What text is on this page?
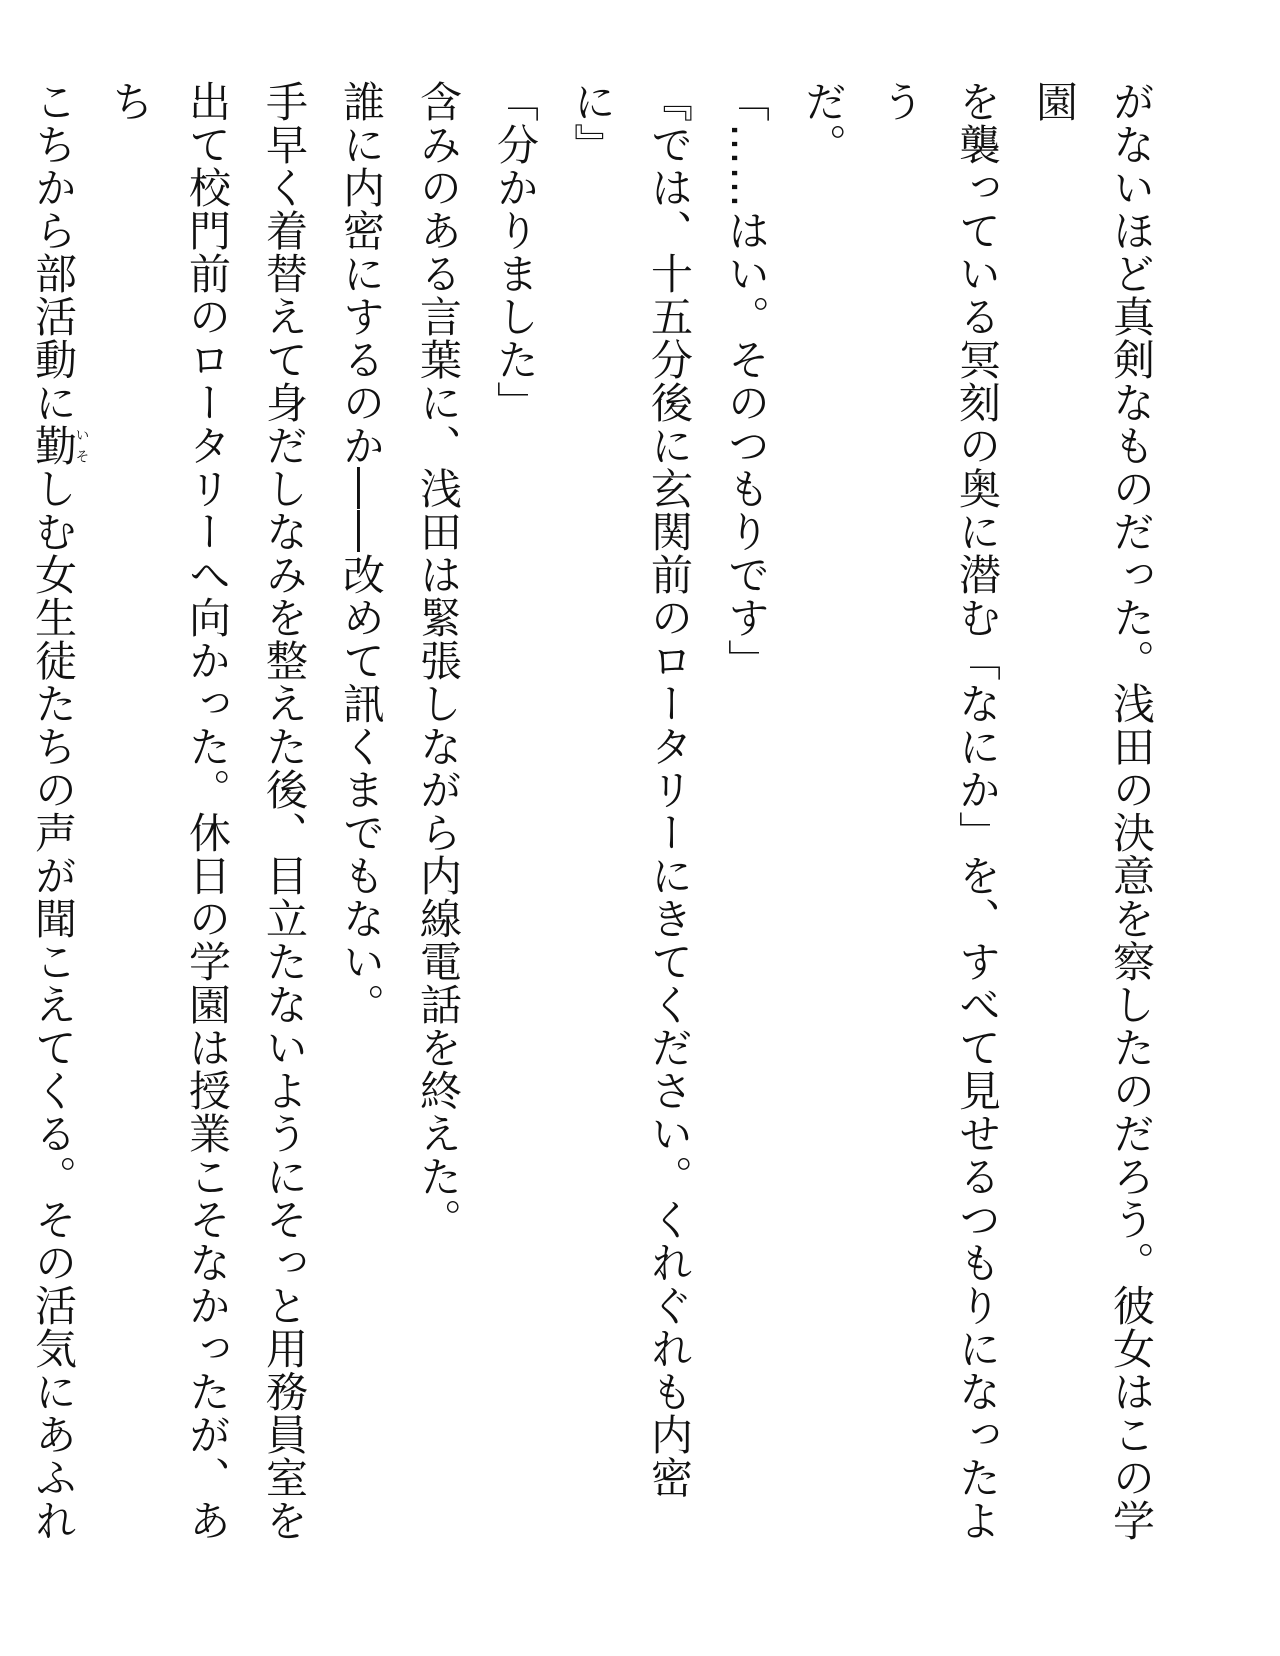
がないほど真剣なものだった。浅田の決意を察したのだろう。彼女はこの学園

を襲っている冥刻の奥に潜む「なにか」を、すべて見せるつもりになったよう

だ。

「……はい。そのつもりです」

『では、十五分後に玄関前のロータリーにきてください。くれぐれも内密に』

「分かりました」

含みのある言葉に、浅田は緊張しながら内線電話を終えた。

誰に内密にするのか――改めて訊くまでもない。

手早く着替えて身だしなみを整えた後、目立たないようにそっと用務員室を

出て校門前のロータリーへ向かった。休日の学園は授業こそなかったが、あち

こちから部活動に勤いそしむ女生徒たちの声が聞こえてくる。その活気にあふれ
